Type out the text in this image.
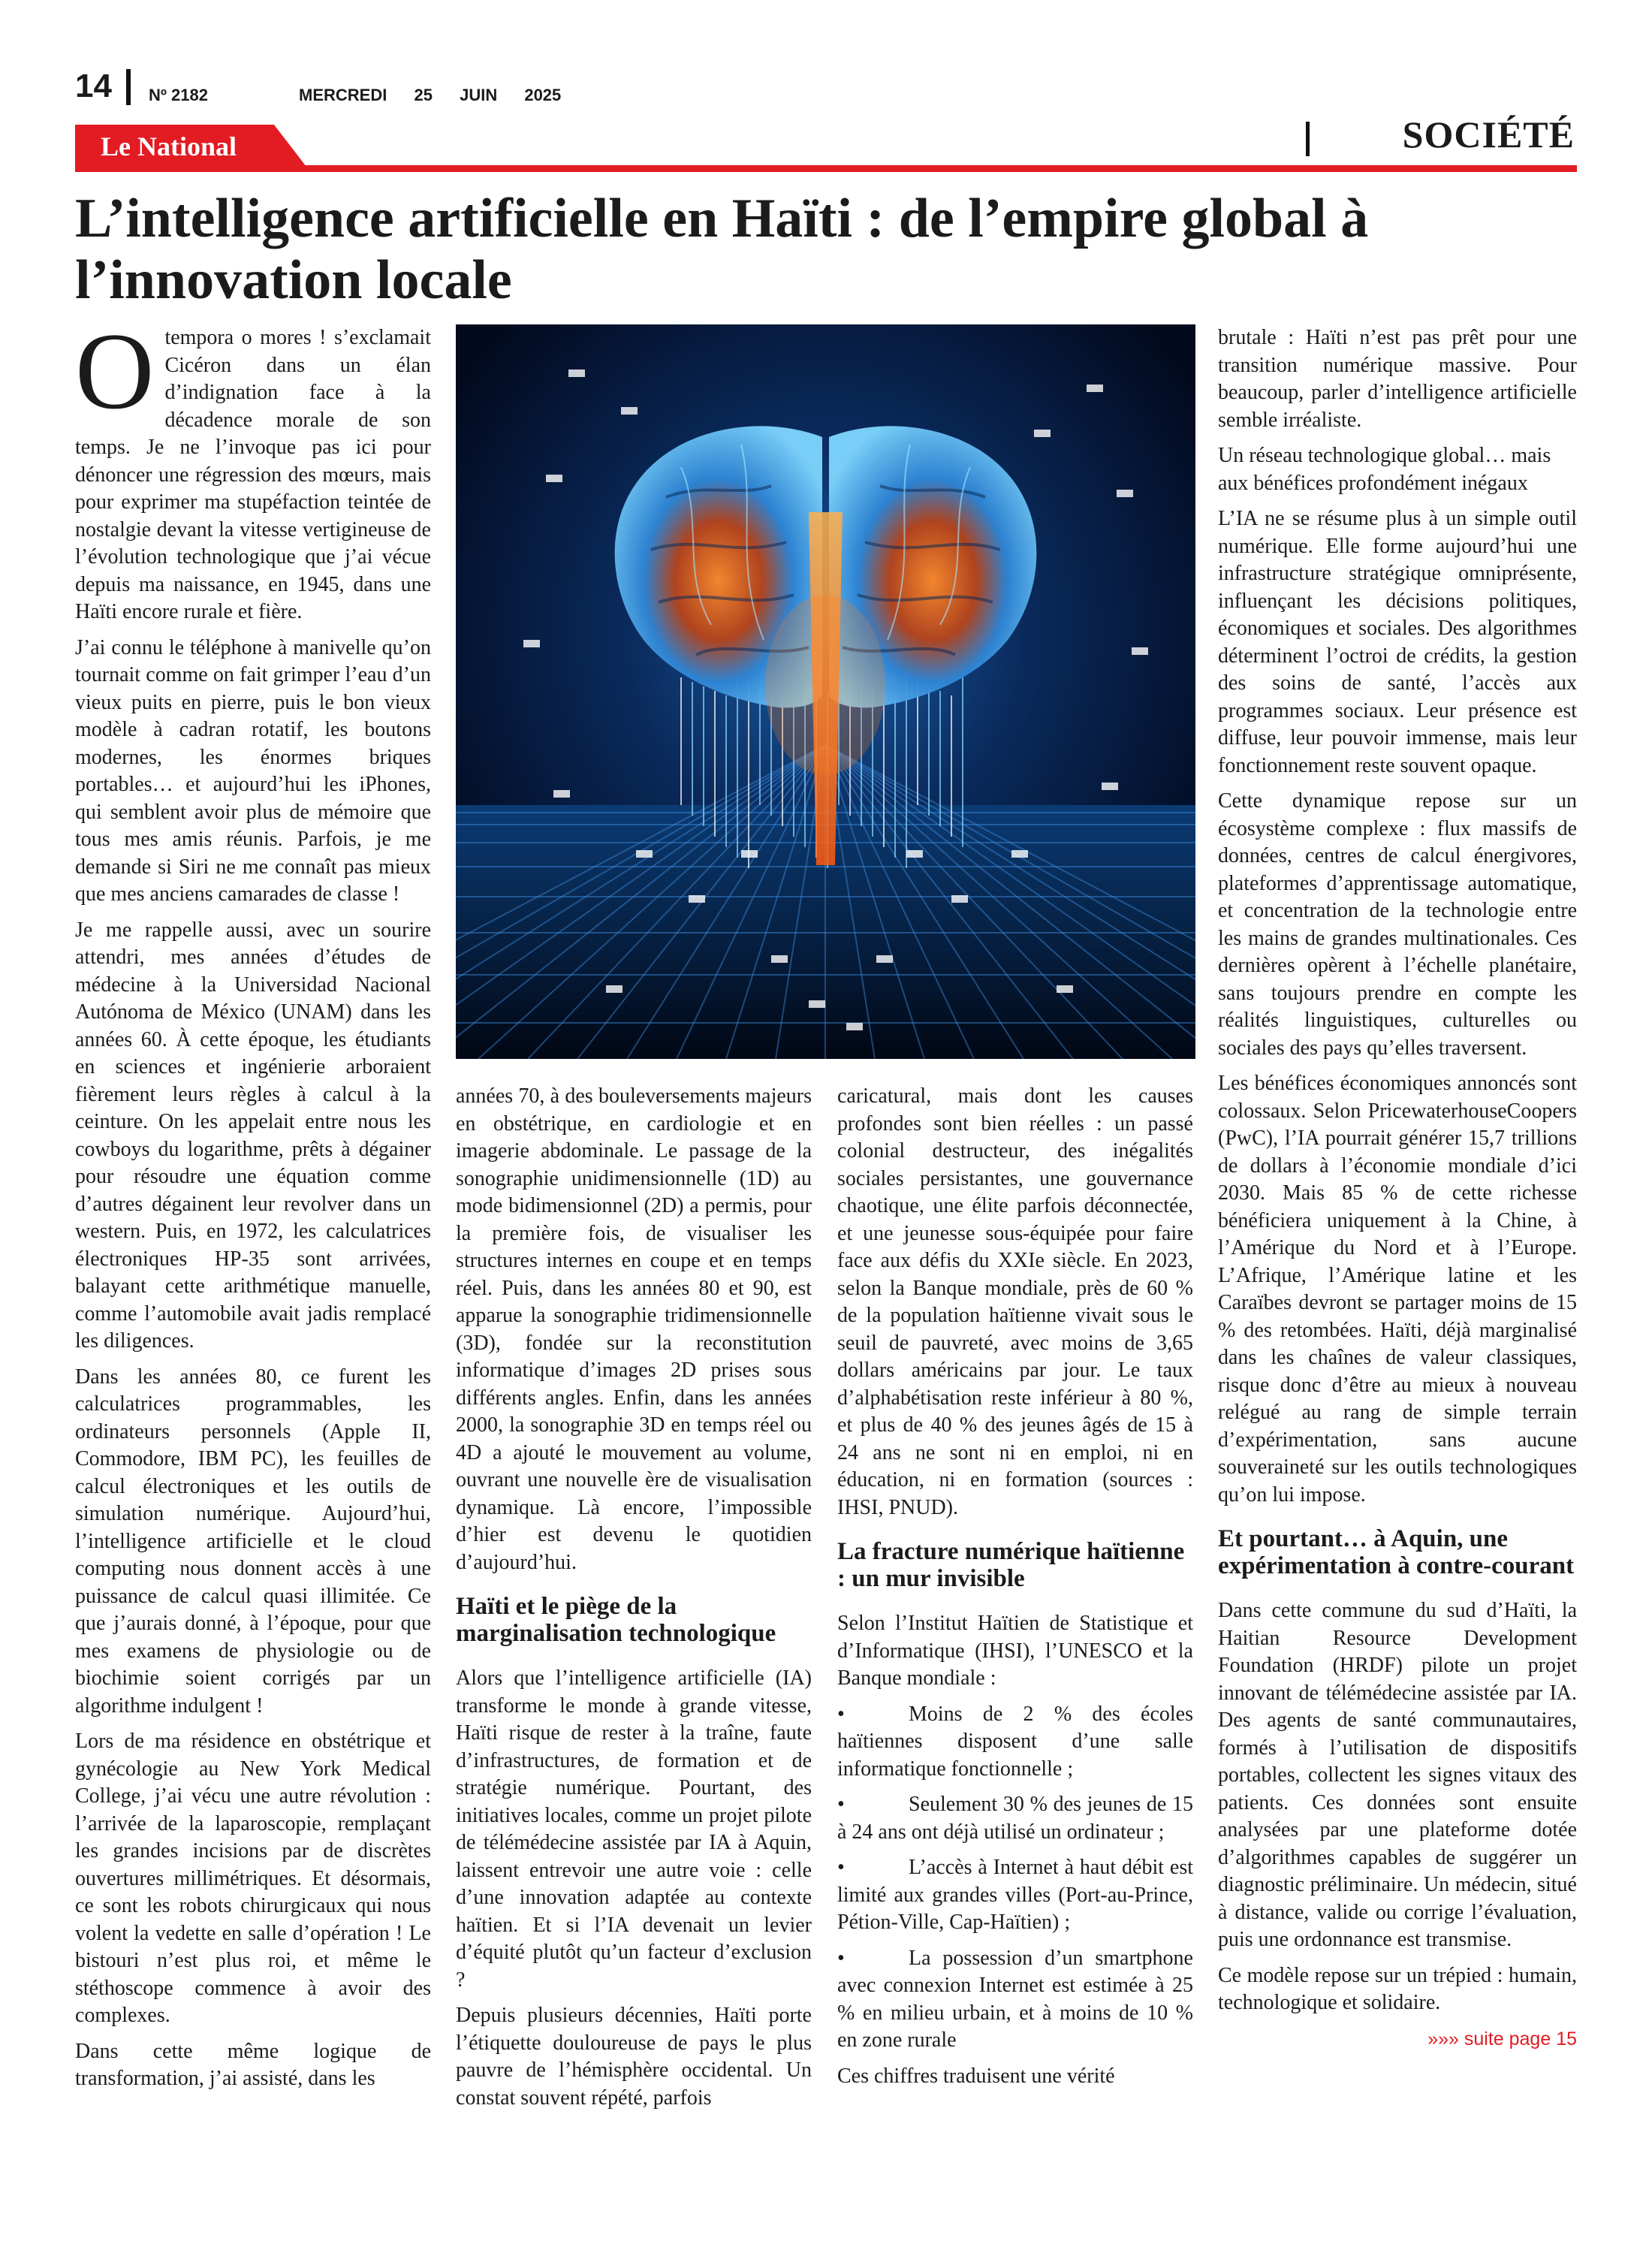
14 Nº 2182	MERCREDI 25 JUIN 2025
Le National	SOCIÉTÉ
L’intelligence artificielle en Haïti : de l’empire global à l’innovation locale

Otempora o mores ! s’exclamait Cicéron dans un élan d’indignation face à la décadence morale de son temps. Je ne l’invoque pas ici pour dénoncer une régression des mœurs, mais pour exprimer ma stupéfaction teintée de nostalgie devant la vitesse vertigineuse de l’évolution technologique que j’ai vécue depuis ma naissance, en 1945, dans une Haïti encore rurale et fière.

J’ai connu le téléphone à manivelle qu’on tournait comme on fait grimper l’eau d’un vieux puits en pierre, puis le bon vieux modèle à cadran rotatif, les boutons modernes, les énormes briques portables… et aujourd’hui les iPhones, qui semblent avoir plus de mémoire que tous mes amis réunis. Parfois, je me demande si Siri ne me connaît pas mieux que mes anciens camarades de classe !

Je me rappelle aussi, avec un sourire attendri, mes années d’études de médecine à la Universidad Nacional Autónoma de México (UNAM) dans les années 60. À cette époque, les étudiants en sciences et ingénierie arboraient fièrement leurs règles à calcul à la ceinture. On les appelait entre nous les cowboys du logarithme, prêts à dégainer pour résoudre une équation comme d’autres dégainent leur revolver dans un western. Puis, en 1972, les calculatrices électroniques HP-35 sont arrivées, balayant cette arithmétique manuelle, comme l’automobile avait jadis remplacé les diligences.

Dans les années 80, ce furent les calculatrices programmables, les ordinateurs personnels (Apple II, Commodore, IBM PC), les feuilles de calcul électroniques et les outils de simulation numérique. Aujourd’hui, l’intelligence artificielle et le cloud computing nous donnent accès à une puissance de calcul quasi illimitée. Ce que j’aurais donné, à l’époque, pour que mes examens de physiologie ou de biochimie soient corrigés par un algorithme indulgent !

Lors de ma résidence en obstétrique et gynécologie au New York Medical College, j’ai vécu une autre révolution : l’arrivée de la laparoscopie, remplaçant les grandes incisions par de discrètes ouvertures millimétriques. Et désormais, ce sont les robots chirurgicaux qui nous volent la vedette en salle d’opération ! Le bistouri n’est plus roi, et même le stéthoscope commence à avoir des complexes.

Dans cette même logique de transformation, j’ai assisté, dans les

années 70, à des bouleversements majeurs en obstétrique, en cardiologie et en imagerie abdominale. Le passage de la sonographie unidimensionnelle (1D) au mode bidimensionnel (2D) a permis, pour la première fois, de visualiser les structures internes en coupe et en temps réel. Puis, dans les années 80 et 90, est apparue la sonographie tridimensionnelle (3D), fondée sur la reconstitution informatique d’images 2D prises sous différents angles. Enfin, dans les années 2000, la sonographie 3D en temps réel ou 4D a ajouté le mouvement au volume, ouvrant une nouvelle ère de visualisation dynamique. Là encore, l’impossible d’hier est devenu le quotidien d’aujourd’hui.

Haïti et le piège de la marginalisation technologique

Alors que l’intelligence artificielle (IA) transforme le monde à grande vitesse, Haïti risque de rester à la traîne, faute d’infrastructures, de formation et de stratégie numérique. Pourtant, des initiatives locales, comme un projet pilote de télémédecine assistée par IA à Aquin, laissent entrevoir une autre voie : celle d’une innovation adaptée au contexte haïtien. Et si l’IA devenait un levier d’équité plutôt qu’un facteur d’exclusion ?

Depuis plusieurs décennies, Haïti porte l’étiquette douloureuse de pays le plus pauvre de l’hémisphère occidental. Un constat souvent répété, parfois

caricatural, mais dont les causes profondes sont bien réelles : un passé colonial destructeur, des inégalités sociales persistantes, une gouvernance chaotique, une élite parfois déconnectée, et une jeunesse sous-équipée pour faire face aux défis du XXIe siècle. En 2023, selon la Banque mondiale, près de 60 % de la population haïtienne vivait sous le seuil de pauvreté, avec moins de 3,65 dollars américains par jour. Le taux d’alphabétisation reste inférieur à 80 %, et plus de 40 % des jeunes âgés de 15 à 24 ans ne sont ni en emploi, ni en éducation, ni en formation (sources : IHSI, PNUD).

La fracture numérique haïtienne : un mur invisible

Selon l’Institut Haïtien de Statistique et d’Informatique (IHSI), l’UNESCO et la Banque mondiale :

•	Moins de 2 % des écoles haïtiennes disposent d’une salle informatique fonctionnelle ;

•	Seulement 30 % des jeunes de 15 à 24 ans ont déjà utilisé un ordinateur ;

•	L’accès à Internet à haut débit est limité aux grandes villes (Port-au-Prince, Pétion-Ville, Cap-Haïtien) ;

•	La possession d’un smartphone avec connexion Internet est estimée à 25 % en milieu urbain, et à moins de 10 % en zone rurale

Ces chiffres traduisent une vérité

brutale : Haïti n’est pas prêt pour une transition numérique massive. Pour beaucoup, parler d’intelligence artificielle semble irréaliste.

Un réseau technologique global… mais aux bénéfices profondément inégaux

L’IA ne se résume plus à un simple outil numérique. Elle forme aujourd’hui une infrastructure stratégique omniprésente, influençant les décisions politiques, économiques et sociales. Des algorithmes déterminent l’octroi de crédits, la gestion des soins de santé, l’accès aux programmes sociaux. Leur présence est diffuse, leur pouvoir immense, mais leur fonctionnement reste souvent opaque.

Cette dynamique repose sur un écosystème complexe : flux massifs de données, centres de calcul énergivores, plateformes d’apprentissage automatique, et concentration de la technologie entre les mains de grandes multinationales. Ces dernières opèrent à l’échelle planétaire, sans toujours prendre en compte les réalités linguistiques, culturelles ou sociales des pays qu’elles traversent.

Les bénéfices économiques annoncés sont colossaux. Selon PricewaterhouseCoopers (PwC), l’IA pourrait générer 15,7 trillions de dollars à l’économie mondiale d’ici 2030. Mais 85 % de cette richesse bénéficiera uniquement à la Chine, à l’Amérique du Nord et à l’Europe. L’Afrique, l’Amérique latine et les Caraïbes devront se partager moins de 15 % des retombées. Haïti, déjà marginalisé dans les chaînes de valeur classiques, risque donc d’être au mieux à nouveau relégué au rang de simple terrain d’expérimentation, sans aucune souveraineté sur les outils technologiques qu’on lui impose.

Et pourtant… à Aquin, une expérimentation à contre-courant

Dans cette commune du sud d’Haïti, la Haitian Resource Development Foundation (HRDF) pilote un projet innovant de télémédecine assistée par IA. Des agents de santé communautaires, formés à l’utilisation de dispositifs portables, collectent les signes vitaux des patients. Ces données sont ensuite analysées par une plateforme dotée d’algorithmes capables de suggérer un diagnostic préliminaire. Un médecin, situé à distance, valide ou corrige l’évaluation, puis une ordonnance est transmise.

Ce modèle repose sur un trépied : humain, technologique et solidaire.

»»» suite page 15
